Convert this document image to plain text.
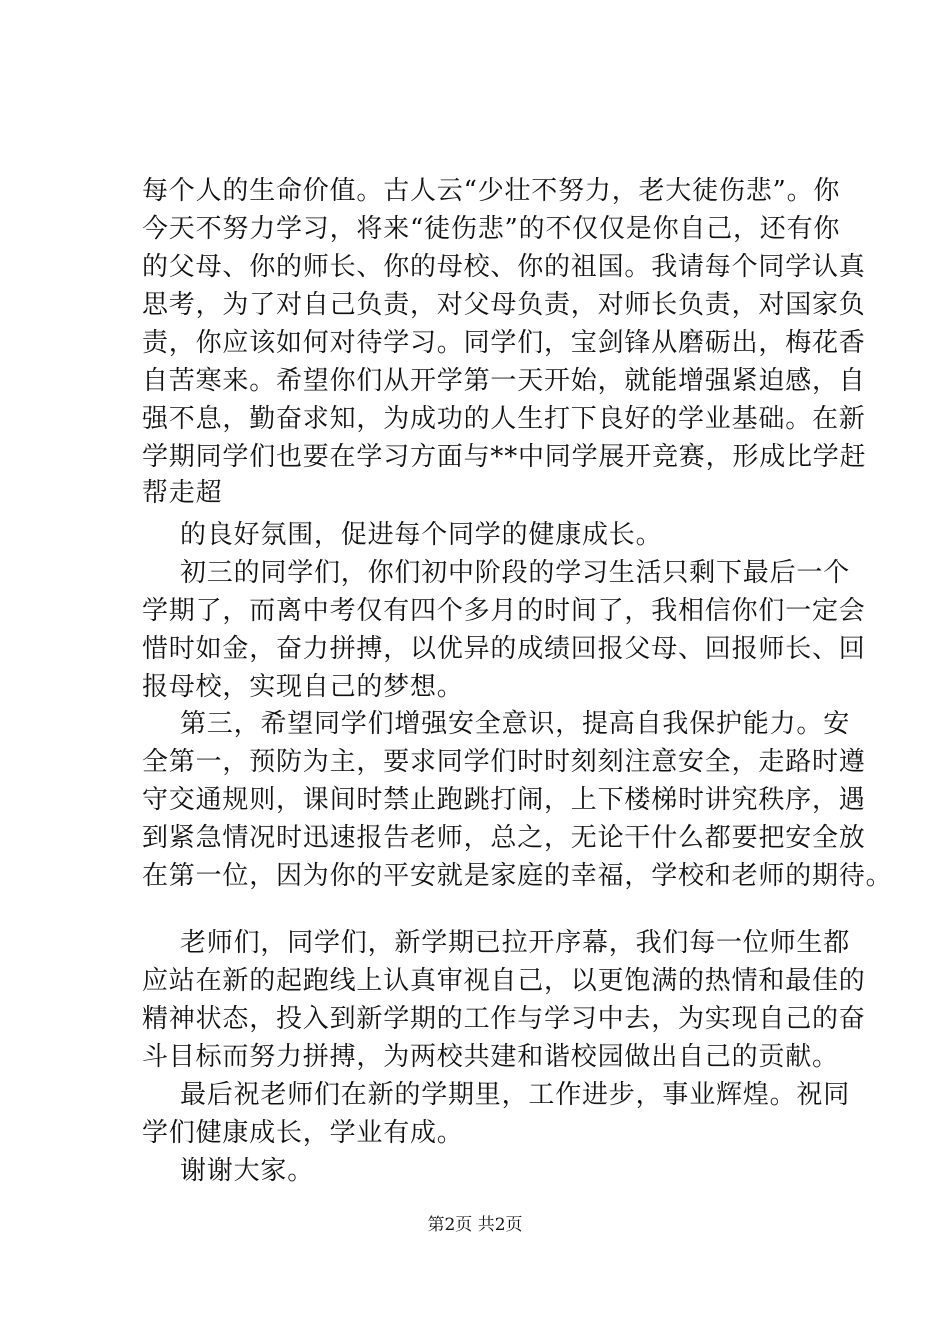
每个人的生命价值。古人云“少壮不努力，老大徒伤悲”。你
今天不努力学习，将来“徒伤悲”的不仅仅是你自己，还有你
的父母、你的师长、你的母校、你的祖国。我请每个同学认真
思考，为了对自己负责，对父母负责，对师长负责，对国家负
责，你应该如何对待学习。同学们，宝剑锋从磨砺出，梅花香
自苦寒来。希望你们从开学第一天开始，就能增强紧迫感，自
强不息，勤奋求知，为成功的人生打下良好的学业基础。在新
学期同学们也要在学习方面与**中同学展开竞赛，形成比学赶
帮走超
的良好氛围，促进每个同学的健康成长。
初三的同学们，你们初中阶段的学习生活只剩下最后一个
学期了，而离中考仅有四个多月的时间了，我相信你们一定会
惜时如金，奋力拼搏，以优异的成绩回报父母、回报师长、回
报母校，实现自己的梦想。
第三，希望同学们增强安全意识，提高自我保护能力。安
全第一，预防为主，要求同学们时时刻刻注意安全，走路时遵
守交通规则，课间时禁止跑跳打闹，上下楼梯时讲究秩序，遇
到紧急情况时迅速报告老师，总之，无论干什么都要把安全放
在第一位，因为你的平安就是家庭的幸福，学校和老师的期待。
老师们，同学们，新学期已拉开序幕，我们每一位师生都
应站在新的起跑线上认真审视自己，以更饱满的热情和最佳的
精神状态，投入到新学期的工作与学习中去，为实现自己的奋
斗目标而努力拼搏，为两校共建和谐校园做出自己的贡献。
最后祝老师们在新的学期里，工作进步，事业辉煌。祝同
学们健康成长，学业有成。
谢谢大家。
第2页 共2页
